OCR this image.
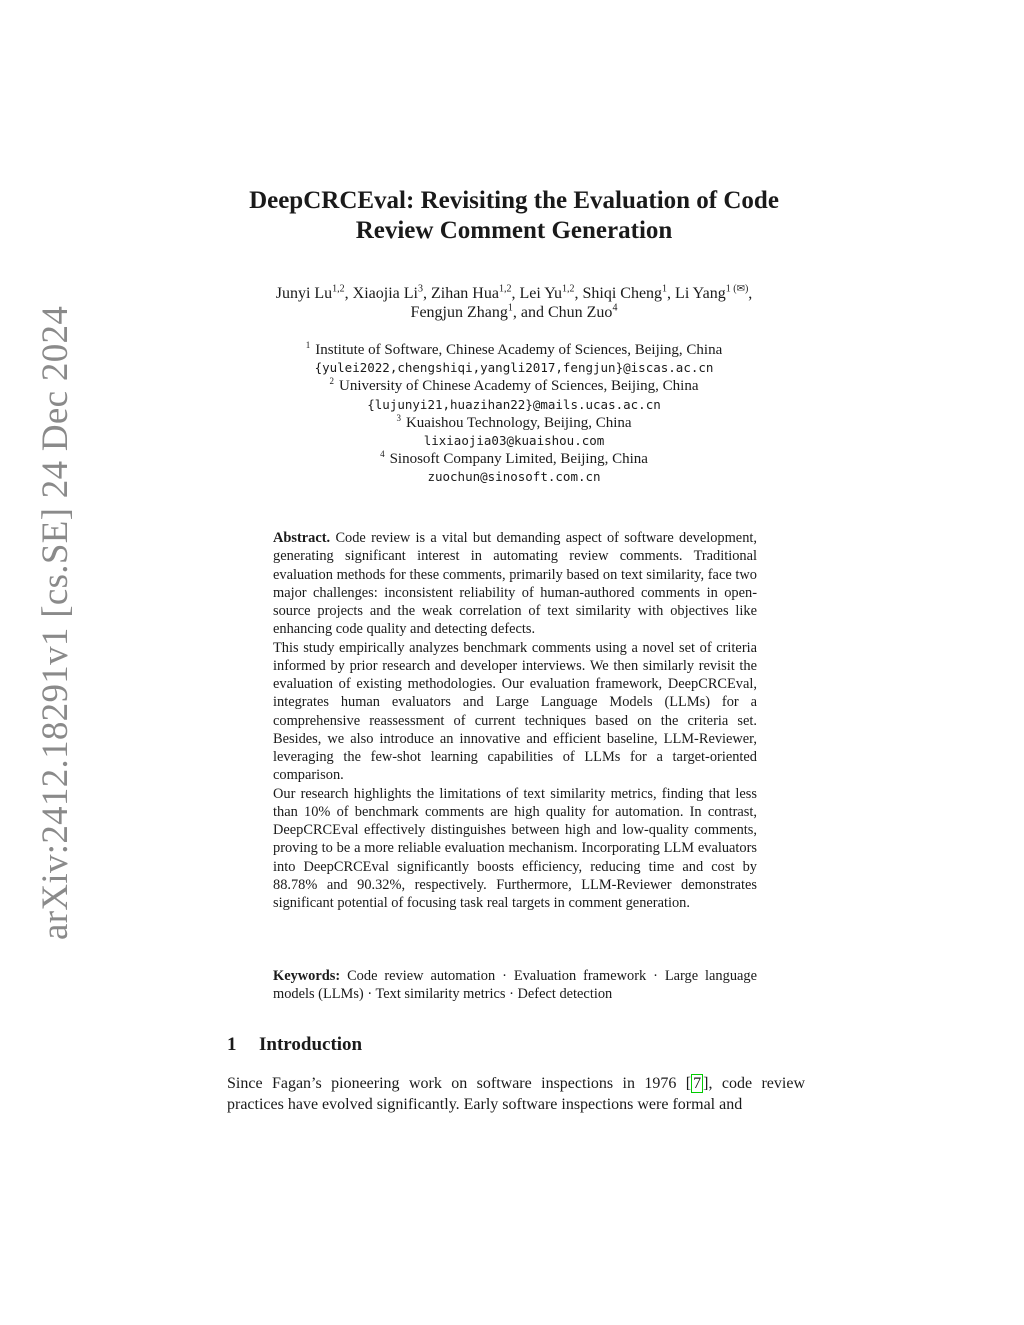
arXiv:2412.18291v1 [cs.SE] 24 Dec 2024
DeepCRCEval: Revisiting the Evaluation of Code
Review Comment Generation
Junyi Lu$^{1,2}$, Xiaojia Li$^3$, Zihan Hua$^{1,2}$, Lei Yu$^{1,2}$, Shiqi Cheng$^1$, Li Yang$^{1 (✉)}$,
Fengjun Zhang$^1$, and Chun Zuo$^4$
$^1$ Institute of Software, Chinese Academy of Sciences, Beijing, China
{yulei2022,chengshiqi,yangli2017,fengjun}@iscas.ac.cn
$^2$ University of Chinese Academy of Sciences, Beijing, China
{lujunyi21,huazihan22}@mails.ucas.ac.cn
$^3$ Kuaishou Technology, Beijing, China
lixiaojia03@kuaishou.com
$^4$ Sinosoft Company Limited, Beijing, China
zuochun@sinosoft.com.cn

Abstract. Code review is a vital but demanding aspect of software development, generating significant interest in automating review comments. Traditional evaluation methods for these comments, primarily based on text similarity, face two major challenges: inconsistent reliability of human-authored comments in open-source projects and the weak correlation of text similarity with objectives like enhancing code quality and detecting defects.

This study empirically analyzes benchmark comments using a novel set of criteria informed by prior research and developer interviews. We then similarly revisit the evaluation of existing methodologies. Our evaluation framework, DeepCRCEval, integrates human evaluators and Large Language Models (LLMs) for a comprehensive reassessment of current techniques based on the criteria set. Besides, we also introduce an innovative and efficient baseline, LLM-Reviewer, leveraging the few-shot learning capabilities of LLMs for a target-oriented comparison.

Our research highlights the limitations of text similarity metrics, finding that less than 10% of benchmark comments are high quality for automation. In contrast, DeepCRCEval effectively distinguishes between high and low-quality comments, proving to be a more reliable evaluation mechanism. Incorporating LLM evaluators into DeepCRCEval significantly boosts efficiency, reducing time and cost by 88.78% and 90.32%, respectively. Furthermore, LLM-Reviewer demonstrates significant potential of focusing task real targets in comment generation.

Keywords: Code review automation · Evaluation framework · Large language models (LLMs) · Text similarity metrics · Defect detection
1 Introduction

Since Fagan’s pioneering work on software inspections in 1976 [ 7 ], code review practices have evolved significantly. Early software inspections were formal and
